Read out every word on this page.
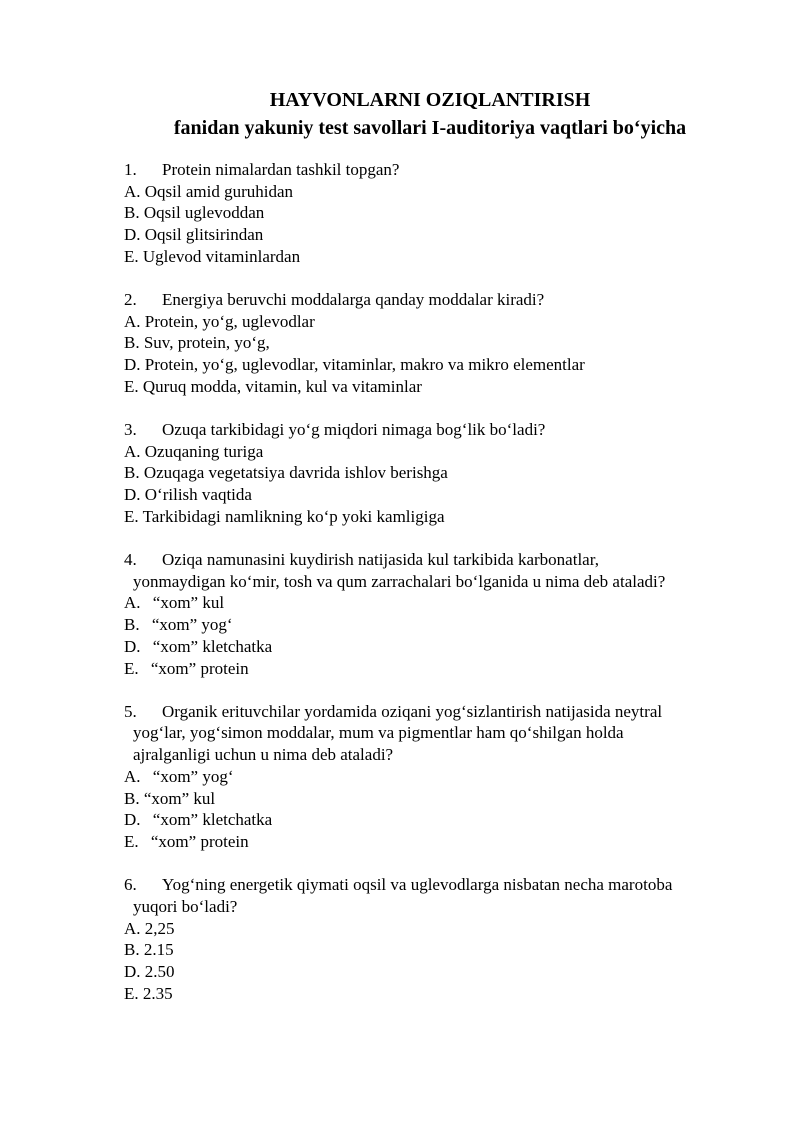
HAYVONLARNI OZIQLANTIRISH
fanidan yakuniy test savollari I-auditoriya vaqtlari bo‘yicha
1. Protein nimalardan tashkil topgan?
A. Oqsil amid guruhidan
B. Oqsil uglevoddan
D. Oqsil glitsirindan
E. Uglevod vitaminlardan
2. Energiya beruvchi moddalarga qanday moddalar kiradi?
A. Protein, yo‘g, uglevodlar
B. Suv, protein, yo‘g,
D. Protein, yo‘g, uglevodlar, vitaminlar, makro va mikro elementlar
E. Quruq modda, vitamin, kul va vitaminlar
3. Ozuqa tarkibidagi yo‘g miqdori nimaga bog‘lik bo‘ladi?
A. Ozuqaning turiga
B. Ozuqaga vegetatsiya davrida ishlov berishga
D. O‘rilish vaqtida
E. Tarkibidagi namlikning ko‘p yoki kamligiga
4. Oziqa namunasini kuydirish natijasida kul tarkibida karbonatlar,
yonmaydigan ko‘mir, tosh va qum zarrachalari bo‘lganida u nima deb ataladi?
A. “xom” kul
B. “xom” yog‘
D. “xom” kletchatka
E. “xom” protein
5. Organik erituvchilar yordamida oziqani yog‘sizlantirish natijasida neytral
yog‘lar, yog‘simon moddalar, mum va pigmentlar ham qo‘shilgan holda
ajralganligi uchun u nima deb ataladi?
A. “xom” yog‘
B. “xom” kul
D. “xom” kletchatka
E. “xom” protein
6. Yog‘ning energetik qiymati oqsil va uglevodlarga nisbatan necha marotoba
yuqori bo‘ladi?
A. 2,25
B. 2.15
D. 2.50
E. 2.35
